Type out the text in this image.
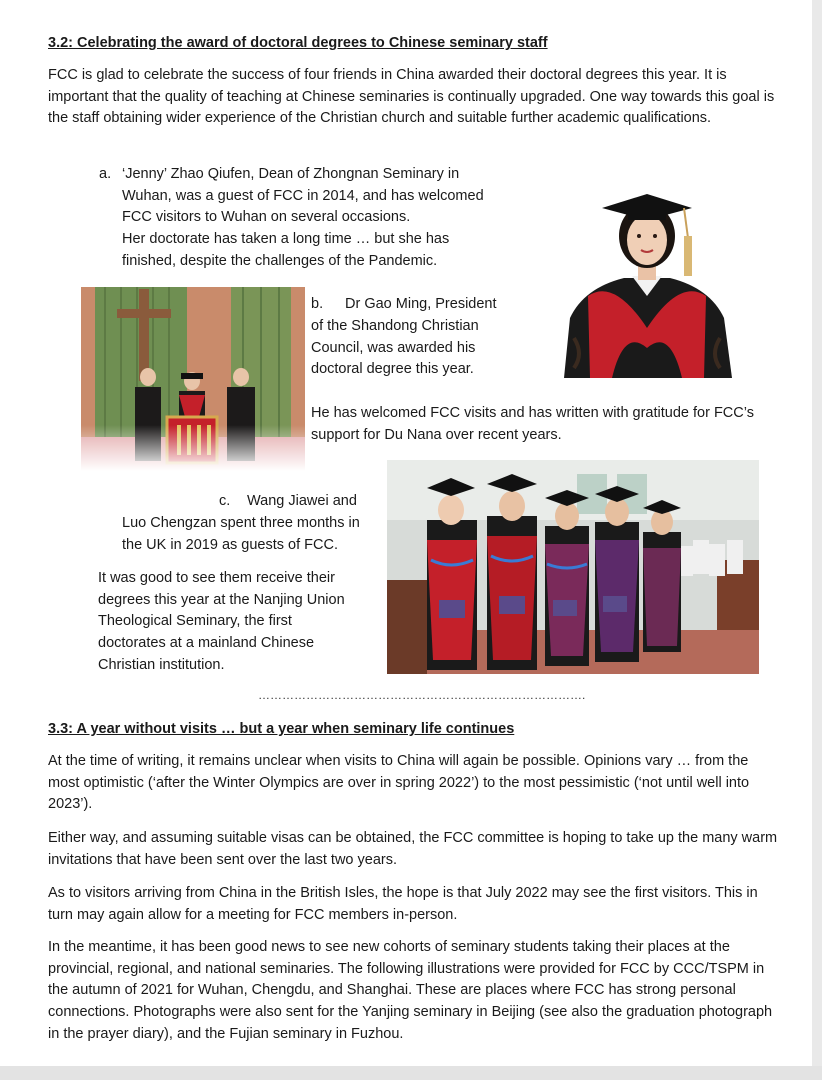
3.2: Celebrating the award of doctoral degrees to Chinese seminary staff

FCC is glad to celebrate the success of four friends in China awarded their doctoral degrees this year. It is important that the quality of teaching at Chinese seminaries is continually upgraded. One way towards this goal is the staff obtaining wider experience of the Christian church and suitable further academic qualifications.

a. ‘Jenny’ Zhao Qiufen, Dean of Zhongnan Seminary in
Wuhan, was a guest of FCC in 2014, and has welcomed
FCC visitors to Wuhan on several occasions.
Her doctorate has taken a long time … but she has
finished, despite the challenges of the Pandemic.
b. Dr Gao Ming, President
of the Shandong Christian
Council, was awarded his
doctoral degree this year.
He has welcomed FCC visits and has written with gratitude for FCC’s
support for Du Nana over recent years.
c. Wang Jiawei and
Luo Chengzan spent three months in
the UK in 2019 as guests of FCC.
It was good to see them receive their
degrees this year at the Nanjing Union
Theological Seminary, the first
doctorates at a mainland Chinese
Christian institution.
……………………………………………………………………….
3.3: A year without visits … but a year when seminary life continues

At the time of writing, it remains unclear when visits to China will again be possible. Opinions vary … from the most optimistic (‘after the Winter Olympics are over in spring 2022’) to the most pessimistic (‘not until well into 2023’).

Either way, and assuming suitable visas can be obtained, the FCC committee is hoping to take up the many warm invitations that have been sent over the last two years.

As to visitors arriving from China in the British Isles, the hope is that July 2022 may see the first visitors. This in turn may again allow for a meeting for FCC members in-person.

In the meantime, it has been good news to see new cohorts of seminary students taking their places at the provincial, regional, and national seminaries. The following illustrations were provided for FCC by CCC/TSPM in the autumn of 2021 for Wuhan, Chengdu, and Shanghai. These are places where FCC has strong personal connections. Photographs were also sent for the Yanjing seminary in Beijing (see also the graduation photograph in the prayer diary), and the Fujian seminary in Fuzhou.
